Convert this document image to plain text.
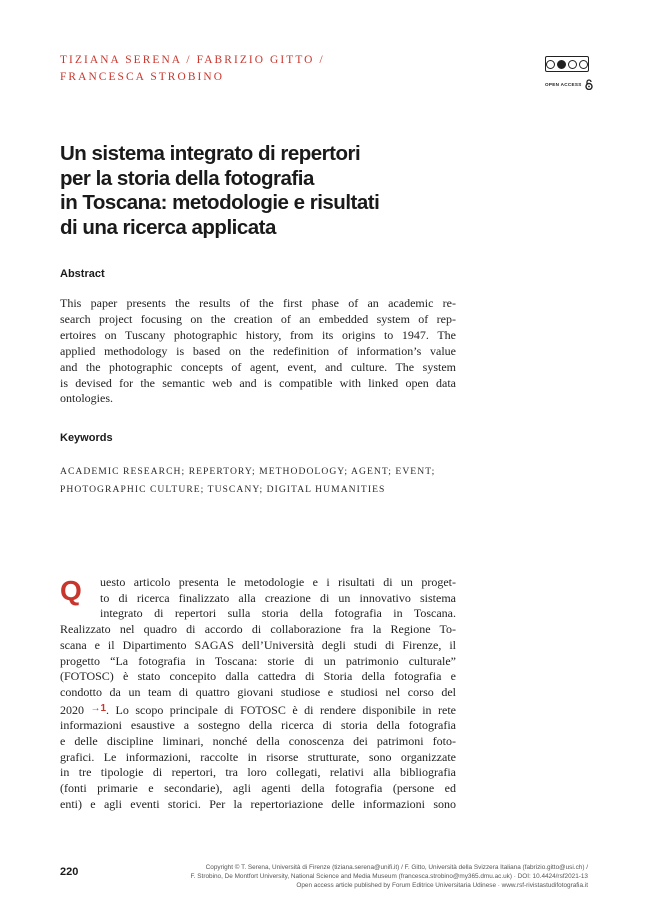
TIZIANA SERENA / FABRIZIO GITTO /
FRANCESCA STROBINO
OPEN ACCESS
Un sistema integrato di repertori
per la storia della fotografia
in Toscana: metodologie e risultati
di una ricerca applicata
Abstract
This paper presents the results of the first phase of an academic re-
search project focusing on the creation of an embedded system of rep-
ertoires on Tuscany photographic history, from its origins to 1947. The
applied methodology is based on the redefinition of information’s value
and the photographic concepts of agent, event, and culture. The system
is devised for the semantic web and is compatible with linked open data
ontologies.
Keywords
ACADEMIC RESEARCH; REPERTORY; METHODOLOGY; AGENT; EVENT;
PHOTOGRAPHIC CULTURE; TUSCANY; DIGITAL HUMANITIES
Q	uesto articolo presenta le metodologie e i risultati di un proget-
to di ricerca finalizzato alla creazione di un innovativo sistema
integrato di repertori sulla storia della fotografia in Toscana.
Realizzato nel quadro di accordo di collaborazione fra la Regione To-
scana e il Dipartimento SAGAS dell’Università degli studi di Firenze, il
progetto “La fotografia in Toscana: storie di un patrimonio culturale”
(FOTOSC) è stato concepito dalla cattedra di Storia della fotografia e
condotto da un team di quattro giovani studiose e studiosi nel corso del
2020 $^{\to 1}$. Lo scopo principale di FOTOSC è di rendere disponibile in rete
informazioni esaustive a sostegno della ricerca di storia della fotografia
e delle discipline liminari, nonché della conoscenza dei patrimoni foto-
grafici. Le informazioni, raccolte in risorse strutturate, sono organizzate
in tre tipologie di repertori, tra loro collegati, relativi alla bibliografia
(fonti primarie e secondarie), agli agenti della fotografia (persone ed
enti) e agli eventi storici. Per la repertoriazione delle informazioni sono
220	Copyright © T. Serena, Università di Firenze (tiziana.serena@unifi.it) / F. Gitto, Università della Svizzera Italiana (fabrizio.gitto@usi.ch) /
F. Strobino, De Montfort University, National Science and Media Museum (francesca.strobino@my365.dmu.ac.uk) · DOI: 10.4424/rsf2021-13
Open access article published by Forum Editrice Universitaria Udinese · www.rsf-rivistastudifotografia.it
